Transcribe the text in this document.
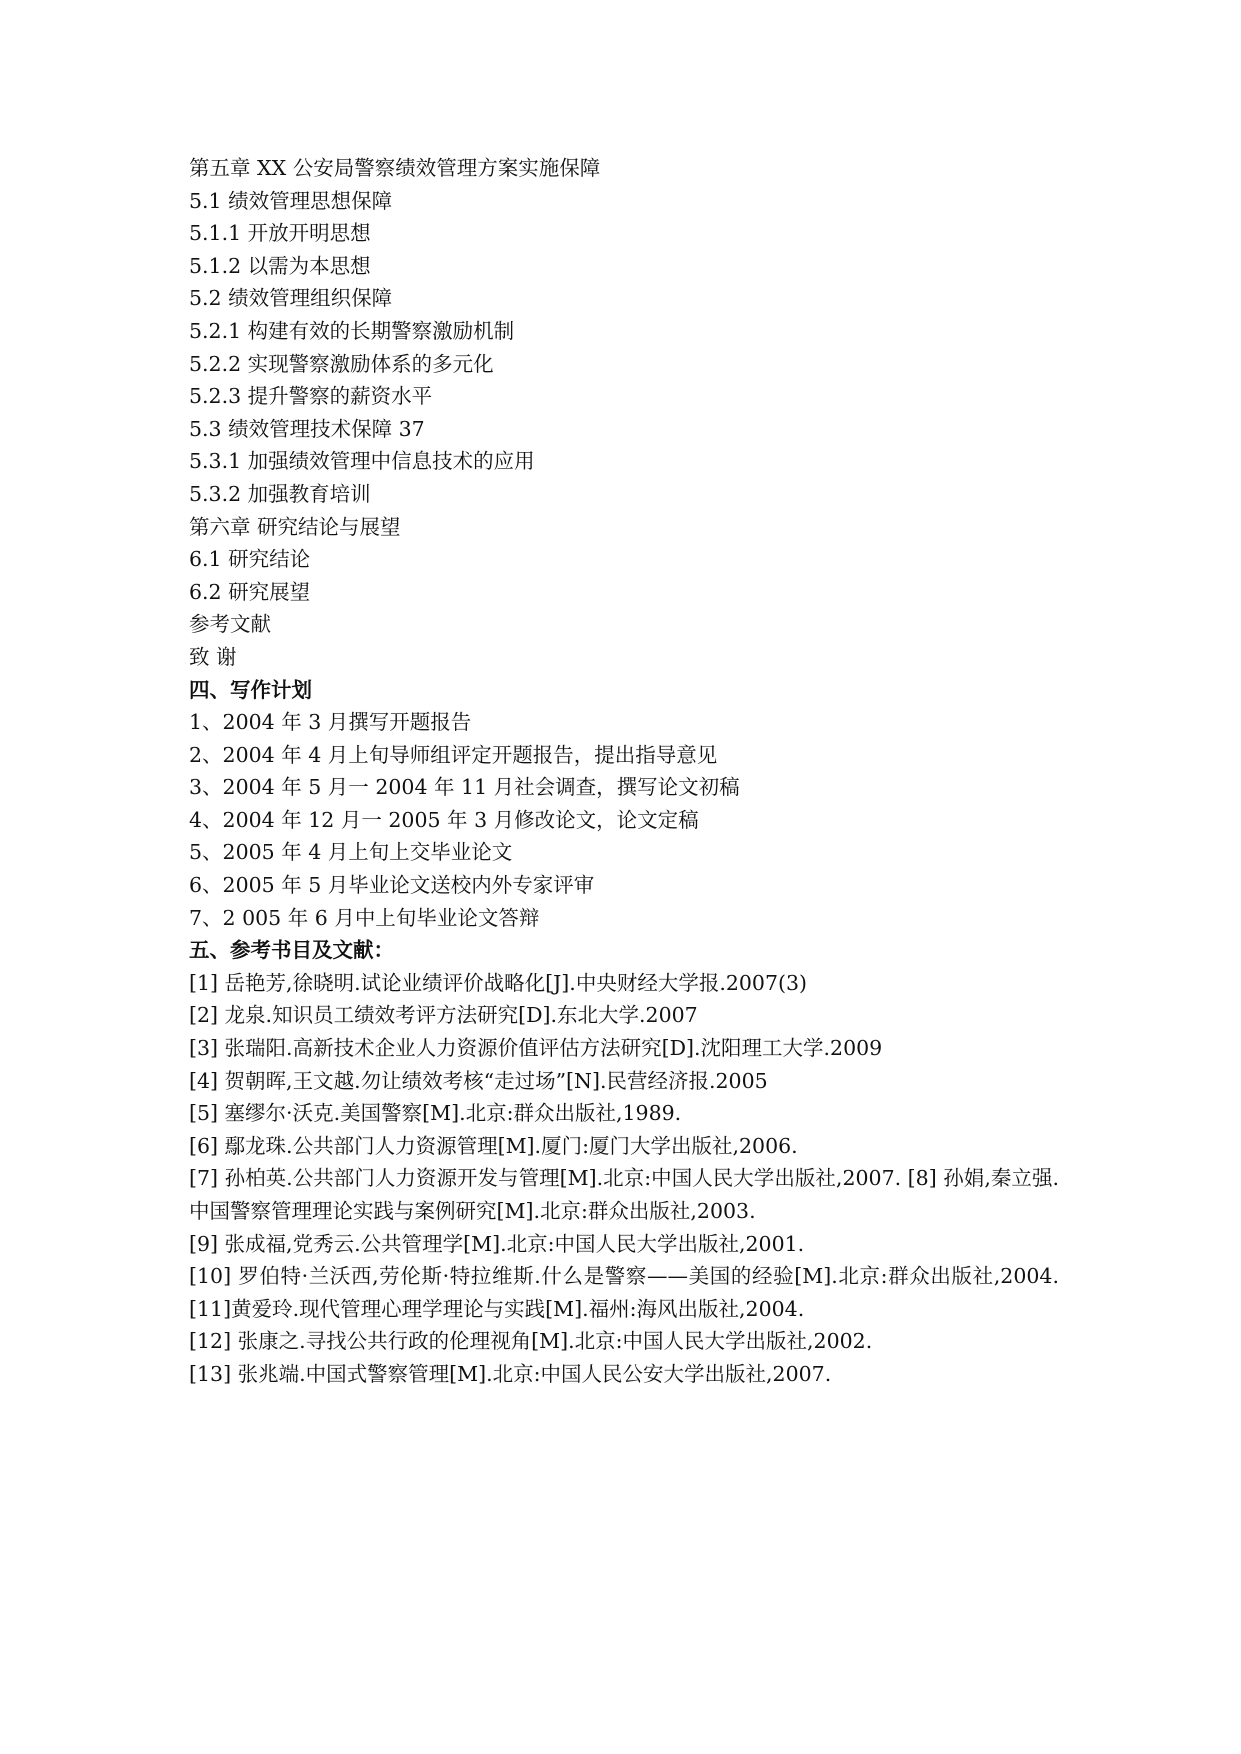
第五章 XX 公安局警察绩效管理方案实施保障
5.1 绩效管理思想保障
5.1.1 开放开明思想
5.1.2 以需为本思想
5.2 绩效管理组织保障
5.2.1 构建有效的长期警察激励机制
5.2.2 实现警察激励体系的多元化
5.2.3 提升警察的薪资水平
5.3 绩效管理技术保障 37
5.3.1 加强绩效管理中信息技术的应用
5.3.2 加强教育培训
第六章 研究结论与展望
6.1 研究结论
6.2 研究展望
参考文献
致 谢
四、写作计划
1、2004 年 3 月撰写开题报告
2、2004 年 4 月上旬导师组评定开题报告，提出指导意见
3、2004 年 5 月一 2004 年 11 月社会调查，撰写论文初稿
4、2004 年 12 月一 2005 年 3 月修改论文，论文定稿
5、2005 年 4 月上旬上交毕业论文
6、2005 年 5 月毕业论文送校内外专家评审
7、2 005 年 6 月中上旬毕业论文答辩
五、参考书目及文献：
[1] 岳艳芳,徐晓明.试论业绩评价战略化[J].中央财经大学报.2007(3)
[2] 龙泉.知识员工绩效考评方法研究[D].东北大学.2007
[3] 张瑞阳.高新技术企业人力资源价值评估方法研究[D].沈阳理工大学.2009
[4] 贺朝晖,王文越.勿让绩效考核“走过场”[N].民营经济报.2005
[5] 塞缪尔·沃克.美国警察[M].北京:群众出版社,1989.
[6] 鄢龙珠.公共部门人力资源管理[M].厦门:厦门大学出版社,2006.
[7] 孙柏英.公共部门人力资源开发与管理[M].北京:中国人民大学出版社,2007. [8] 孙娟,秦立强.中国警察管理理论实践与案例研究[M].北京:群众出版社,2003.
[9] 张成福,党秀云.公共管理学[M].北京:中国人民大学出版社,2001.
[10] 罗伯特·兰沃西,劳伦斯·特拉维斯.什么是警察——美国的经验[M].北京:群众出版社,2004. [11]黄爱玲.现代管理心理学理论与实践[M].福州:海风出版社,2004.
[12] 张康之.寻找公共行政的伦理视角[M].北京:中国人民大学出版社,2002.
[13] 张兆端.中国式警察管理[M].北京:中国人民公安大学出版社,2007.
